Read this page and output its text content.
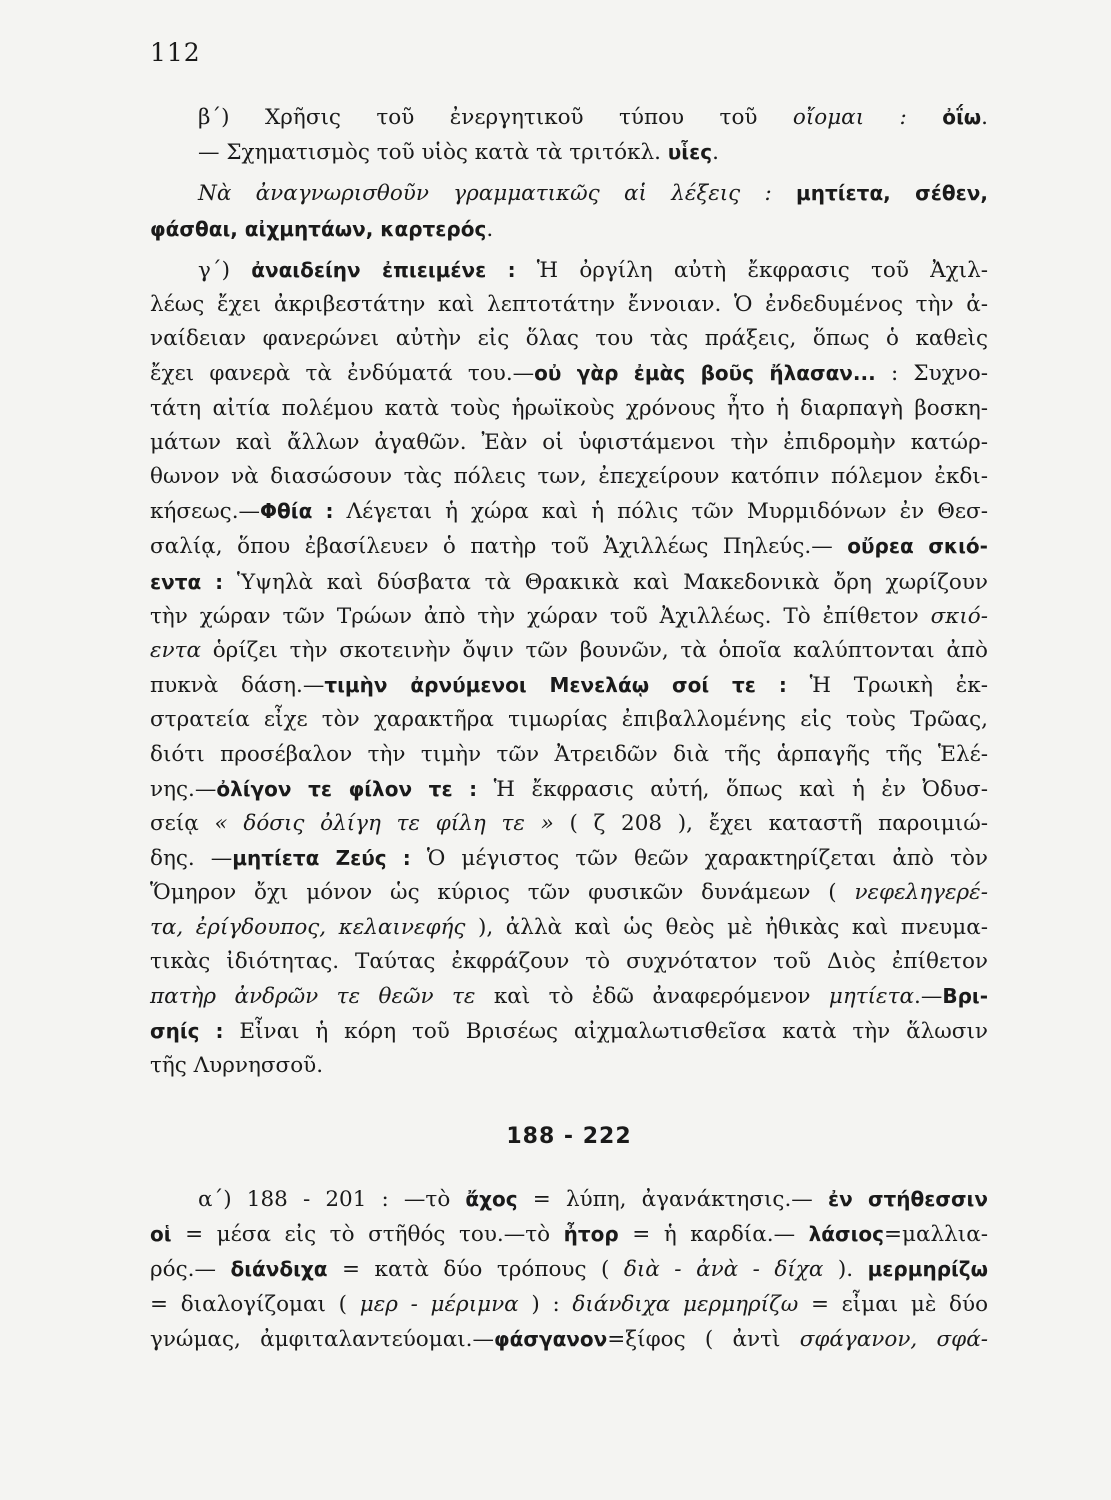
112

β΄) Χρῆσις τοῦ ἐνεργητικοῦ τύπου τοῦ οἴομαι : ὀΐω.
— Σχηματισμὸς τοῦ υἱὸς κατὰ τὰ τριτόκλ. υἷες.

Νὰ ἀναγνωρισθοῦν γραμματικῶς αἱ λέξεις : μητίετα, σέθεν,
φάσθαι, αἰχμητάων, καρτερός.

γ΄) ἀναιδείην ἐπιειμένε : Ἡ ὀργίλη αὐτὴ ἔκφρασις τοῦ Ἀχιλ-
λέως ἔχει ἀκριβεστάτην καὶ λεπτοτάτην ἔννοιαν. Ὁ ἐνδεδυμένος τὴν ἀ-
ναίδειαν φανερώνει αὐτὴν εἰς ὅλας του τὰς πράξεις, ὅπως ὁ καθεὶς
ἔχει φανερὰ τὰ ἐνδύματά του.—οὐ γὰρ ἐμὰς βοῦς ἤλασαν... : Συχνο-
τάτη αἰτία πολέμου κατὰ τοὺς ἡρωϊκοὺς χρόνους ἦτο ἡ διαρπαγὴ βοσκη-
μάτων καὶ ἄλλων ἀγαθῶν. Ἐὰν οἱ ὑφιστάμενοι τὴν ἐπιδρομὴν κατώρ-
θωνον νὰ διασώσουν τὰς πόλεις των, ἐπεχείρουν κατόπιν πόλεμον ἐκδι-
κήσεως.—Φθία : Λέγεται ἡ χώρα καὶ ἡ πόλις τῶν Μυρμιδόνων ἐν Θεσ-
σαλίᾳ, ὅπου ἐβασίλευεν ὁ πατὴρ τοῦ Ἀχιλλέως Πηλεύς.— οὔρεα σκιό-
εντα : Ὑψηλὰ καὶ δύσβατα τὰ Θρακικὰ καὶ Μακεδονικὰ ὄρη χωρίζουν
τὴν χώραν τῶν Τρώων ἀπὸ τὴν χώραν τοῦ Ἀχιλλέως. Τὸ ἐπίθετον σκιό-
εντα ὁρίζει τὴν σκοτεινὴν ὄψιν τῶν βουνῶν, τὰ ὁποῖα καλύπτονται ἀπὸ
πυκνὰ δάση.—τιμὴν ἀρνύμενοι Μενελάῳ σοί τε : Ἡ Τρωικὴ ἐκ-
στρατεία εἶχε τὸν χαρακτῆρα τιμωρίας ἐπιβαλλομένης εἰς τοὺς Τρῶας,
διότι προσέβαλον τὴν τιμὴν τῶν Ἀτρειδῶν διὰ τῆς ἁρπαγῆς τῆς Ἑλέ-
νης.—ὀλίγον τε φίλον τε : Ἡ ἔκφρασις αὐτή, ὅπως καὶ ἡ ἐν Ὀδυσ-
σείᾳ « δόσις ὀλίγη τε φίλη τε » ( ζ 208 ), ἔχει καταστῆ παροιμιώ-
δης. —μητίετα Ζεύς : Ὁ μέγιστος τῶν θεῶν χαρακτηρίζεται ἀπὸ τὸν
Ὅμηρον ὄχι μόνον ὡς κύριος τῶν φυσικῶν δυνάμεων ( νεφεληγερέ-
τα, ἐρίγδουπος, κελαινεφής ), ἀλλὰ καὶ ὡς θεὸς μὲ ἠθικὰς καὶ πνευμα-
τικὰς ἰδιότητας. Ταύτας ἐκφράζουν τὸ συχνότατον τοῦ Διὸς ἐπίθετον
πατὴρ ἀνδρῶν τε θεῶν τε καὶ τὸ ἐδῶ ἀναφερόμενον μητίετα.—Βρι-
σηίς : Εἶναι ἡ κόρη τοῦ Βρισέως αἰχμαλωτισθεῖσα κατὰ τὴν ἅλωσιν
τῆς Λυρνησσοῦ.

188 - 222
α΄) 188 - 201 : —τὸ ἄχος = λύπη, ἀγανάκτησις.— ἐν στήθεσσιν
οἱ = μέσα εἰς τὸ στῆθός του.—τὸ ἦτορ = ἡ καρδία.— λάσιος=μαλλια-
ρός.— διάνδιχα = κατὰ δύο τρόπους ( διὰ - ἀνὰ - δίχα ). μερμηρίζω
= διαλογίζομαι ( μερ - μέριμνα ) : διάνδιχα μερμηρίζω = εἶμαι μὲ δύο
γνώμας, ἀμφιταλαντεύομαι.—φάσγανον=ξίφος ( ἀντὶ σφάγανον, σφά-
